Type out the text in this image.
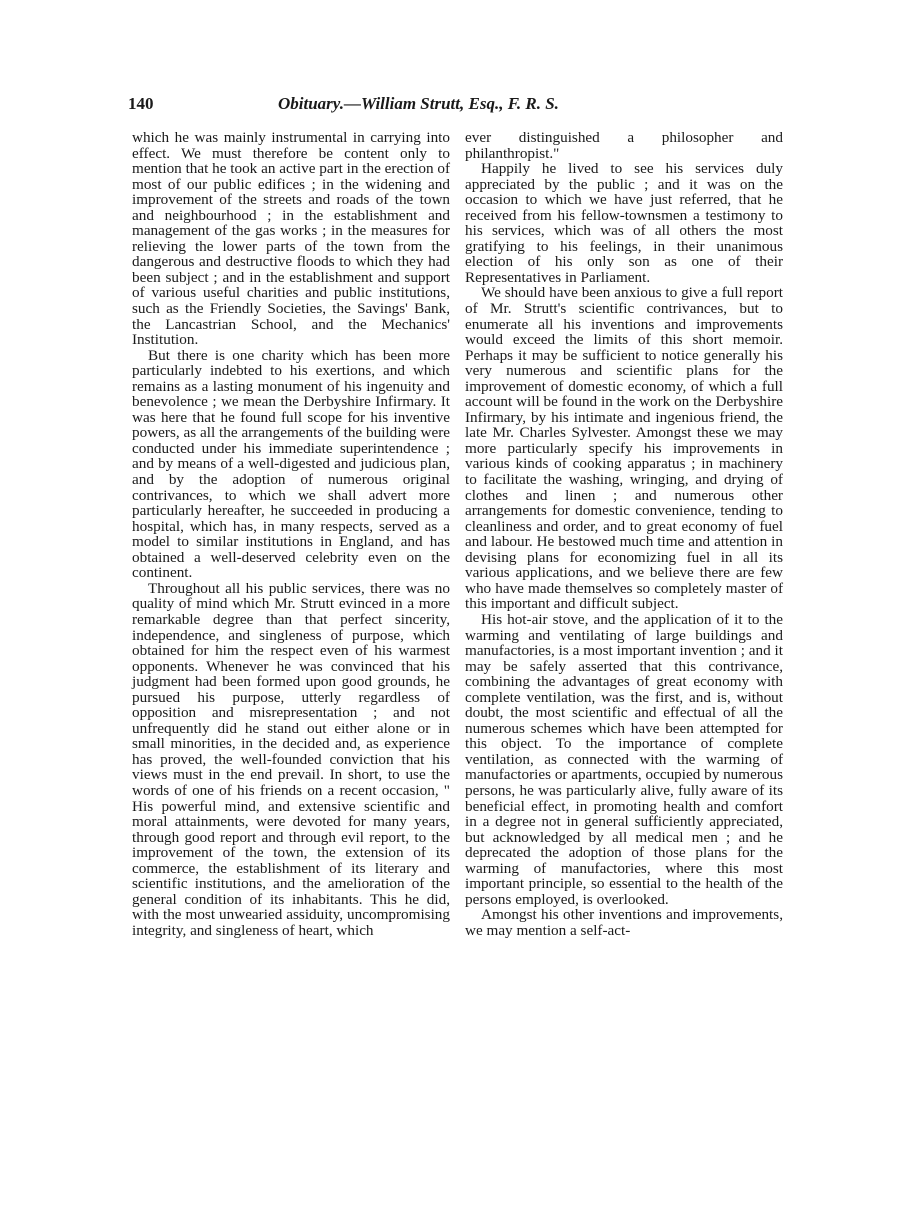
140	Obituary.—William Strutt, Esq., F. R. S.

which he was mainly instrumental in carrying into effect. We must therefore be content only to mention that he took an active part in the erection of most of our public edifices ; in the widening and improvement of the streets and roads of the town and neighbourhood ; in the establishment and management of the gas works ; in the measures for relieving the lower parts of the town from the dangerous and destructive floods to which they had been subject ; and in the establishment and support of various useful charities and public institutions, such as the Friendly Societies, the Savings' Bank, the Lancastrian School, and the Mechanics' Institution.

But there is one charity which has been more particularly indebted to his exertions, and which remains as a lasting monument of his ingenuity and benevolence ; we mean the Derbyshire Infirmary. It was here that he found full scope for his inventive powers, as all the arrangements of the building were conducted under his immediate superintendence ; and by means of a well-digested and judicious plan, and by the adoption of numerous original contrivances, to which we shall advert more particularly hereafter, he succeeded in producing a hospital, which has, in many respects, served as a model to similar institutions in England, and has obtained a well-deserved celebrity even on the continent.

Throughout all his public services, there was no quality of mind which Mr. Strutt evinced in a more remarkable degree than that perfect sincerity, independence, and singleness of purpose, which obtained for him the respect even of his warmest opponents. Whenever he was convinced that his judgment had been formed upon good grounds, he pursued his purpose, utterly regardless of opposition and misrepresentation ; and not unfrequently did he stand out either alone or in small minorities, in the decided and, as experience has proved, the well-founded conviction that his views must in the end prevail. In short, to use the words of one of his friends on a recent occasion, " His powerful mind, and extensive scientific and moral attainments, were devoted for many years, through good report and through evil report, to the improvement of the town, the extension of its commerce, the establishment of its literary and scientific institutions, and the amelioration of the general condition of its inhabitants. This he did, with the most unwearied assiduity, uncompromising integrity, and singleness of heart, which

ever distinguished a philosopher and philanthropist."

Happily he lived to see his services duly appreciated by the public ; and it was on the occasion to which we have just referred, that he received from his fellow-townsmen a testimony to his services, which was of all others the most gratifying to his feelings, in their unanimous election of his only son as one of their Representatives in Parliament.

We should have been anxious to give a full report of Mr. Strutt's scientific contrivances, but to enumerate all his inventions and improvements would exceed the limits of this short memoir. Perhaps it may be sufficient to notice generally his very numerous and scientific plans for the improvement of domestic economy, of which a full account will be found in the work on the Derbyshire Infirmary, by his intimate and ingenious friend, the late Mr. Charles Sylvester. Amongst these we may more particularly specify his improvements in various kinds of cooking apparatus ; in machinery to facilitate the washing, wringing, and drying of clothes and linen ; and numerous other arrangements for domestic convenience, tending to cleanliness and order, and to great economy of fuel and labour. He bestowed much time and attention in devising plans for economizing fuel in all its various applications, and we believe there are few who have made themselves so completely master of this important and difficult subject.

His hot-air stove, and the application of it to the warming and ventilating of large buildings and manufactories, is a most important invention ; and it may be safely asserted that this contrivance, combining the advantages of great economy with complete ventilation, was the first, and is, without doubt, the most scientific and effectual of all the numerous schemes which have been attempted for this object. To the importance of complete ventilation, as connected with the warming of manufactories or apartments, occupied by numerous persons, he was particularly alive, fully aware of its beneficial effect, in promoting health and comfort in a degree not in general sufficiently appreciated, but acknowledged by all medical men ; and he deprecated the adoption of those plans for the warming of manufactories, where this most important principle, so essential to the health of the persons employed, is overlooked.

Amongst his other inventions and improvements, we may mention a self-act-
